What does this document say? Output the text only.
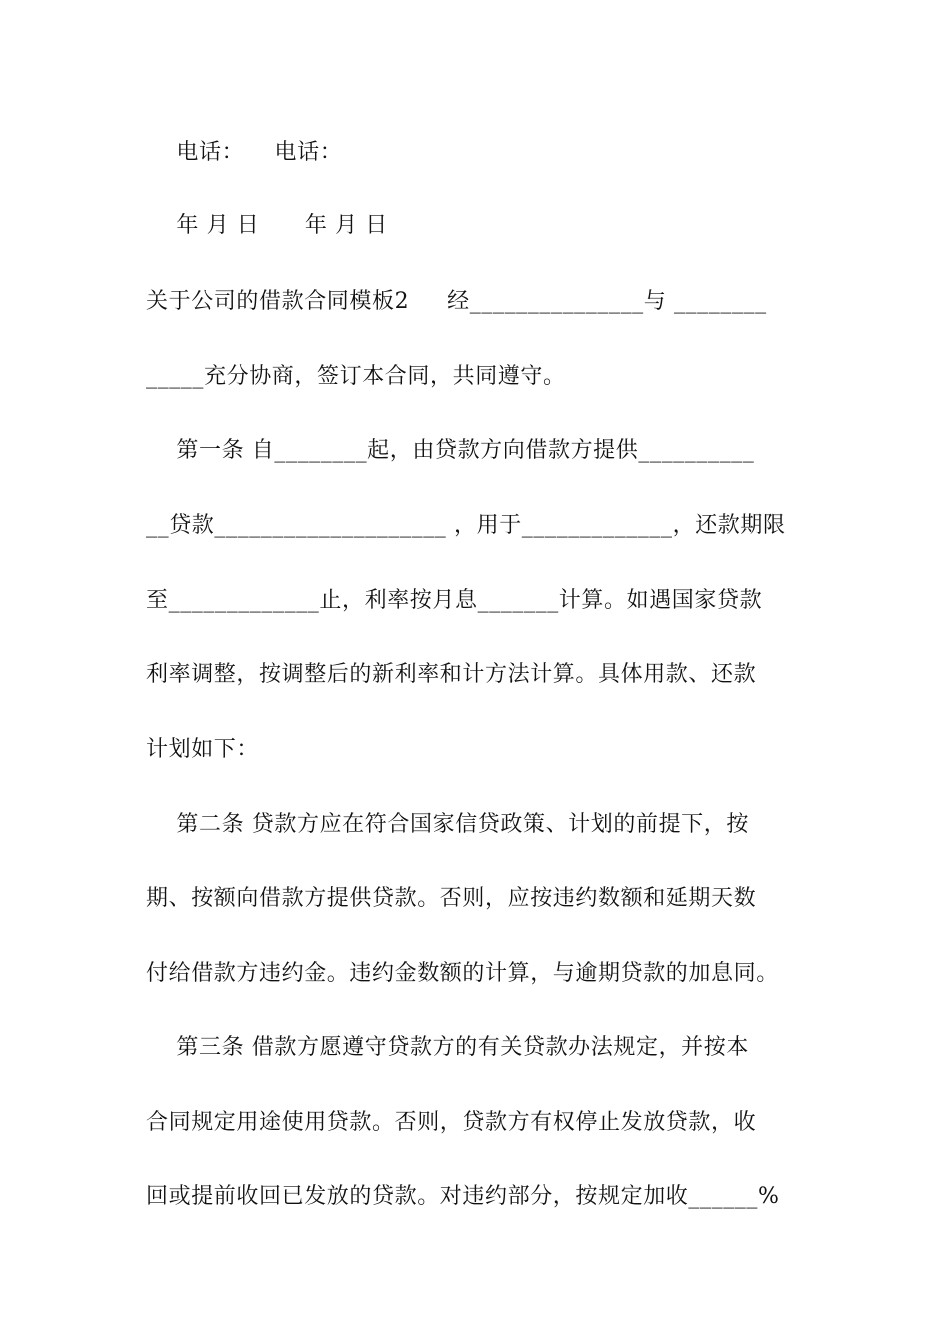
电话：    电话：
年 月 日      年 月 日
关于公司的借款合同模板2     经_______________与 ________
_____充分协商，签订本合同，共同遵守。
第一条 自________起，由贷款方向借款方提供__________
__贷款____________________ ，用于_____________，还款期限
至_____________止，利率按月息_______计算。如遇国家贷款
利率调整，按调整后的新利率和计方法计算。具体用款、还款
计划如下：
第二条 贷款方应在符合国家信贷政策、计划的前提下，按
期、按额向借款方提供贷款。否则，应按违约数额和延期天数
付给借款方违约金。违约金数额的计算，与逾期贷款的加息同。
第三条 借款方愿遵守贷款方的有关贷款办法规定，并按本
合同规定用途使用贷款。否则，贷款方有权停止发放贷款，收
回或提前收回已发放的贷款。对违约部分，按规定加收______%
